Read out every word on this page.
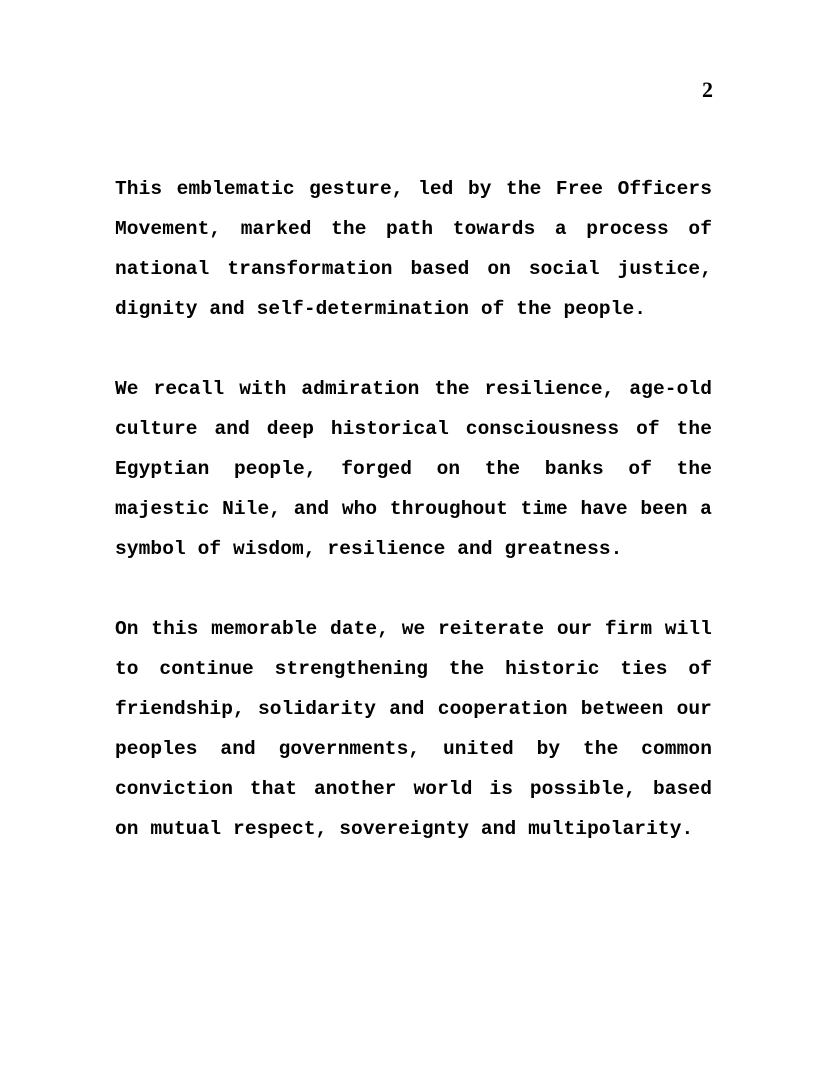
2

This emblematic gesture, led by the Free Officers Movement, marked the path towards a process of national transformation based on social justice, dignity and self-determination of the people.

We recall with admiration the resilience, age-old culture and deep historical consciousness of the Egyptian people, forged on the banks of the majestic Nile, and who throughout time have been a symbol of wisdom, resilience and greatness.

On this memorable date, we reiterate our firm will to continue strengthening the historic ties of friendship, solidarity and cooperation between our peoples and governments, united by the common conviction that another world is possible, based on mutual respect, sovereignty and multipolarity.
